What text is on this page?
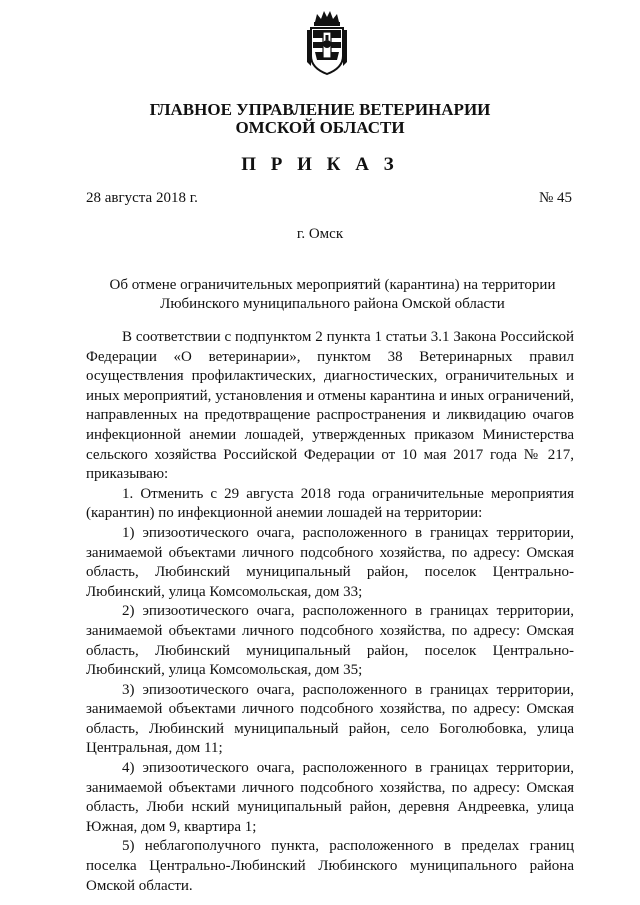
ГЛАВНОЕ УПРАВЛЕНИЕ ВЕТЕРИНАРИИ
ОМСКОЙ ОБЛАСТИ
П Р И К А З
28 августа 2018 г.	№ 45
г. Омск
Об отмене ограничительных мероприятий (карантина) на территории Любинского муниципального района Омской области

В соответствии с подпунктом 2 пункта 1 статьи 3.1 Закона Российской Федерации «О ветеринарии», пунктом 38 Ветеринарных правил осуществления профилактических, диагностических, ограничительных и иных мероприятий, установления и отмены карантина и иных ограничений, направленных на предотвращение распространения и ликвидацию очагов инфекционной анемии лошадей, утвержденных приказом Министерства сельского хозяйства Российской Федерации от 10 мая 2017 года № 217, приказываю:

1. Отменить с 29 августа 2018 года ограничительные мероприятия (карантин) по инфекционной анемии лошадей на территории:

1) эпизоотического очага, расположенного в границах территории, занимаемой объектами личного подсобного хозяйства, по адресу: Омская область, Любинский муниципальный район, поселок Центрально-Любинский, улица Комсомольская, дом 33;

2) эпизоотического очага, расположенного в границах территории, занимаемой объектами личного подсобного хозяйства, по адресу: Омская область, Любинский муниципальный район, поселок Центрально-Любинский, улица Комсомольская, дом 35;

3) эпизоотического очага, расположенного в границах территории, занимаемой объектами личного подсобного хозяйства, по адресу: Омская область, Любинский муниципальный район, село Боголюбовка, улица Центральная, дом 11;

4) эпизоотического очага, расположенного в границах территории, занимаемой объектами личного подсобного хозяйства, по адресу: Омская область, Люби нский муниципальный район, деревня Андреевка, улица Южная, дом 9, квартира 1;

5) неблагополучного пункта, расположенного в пределах границ поселка Центрально-Любинский Любинского муниципального района Омской области.
